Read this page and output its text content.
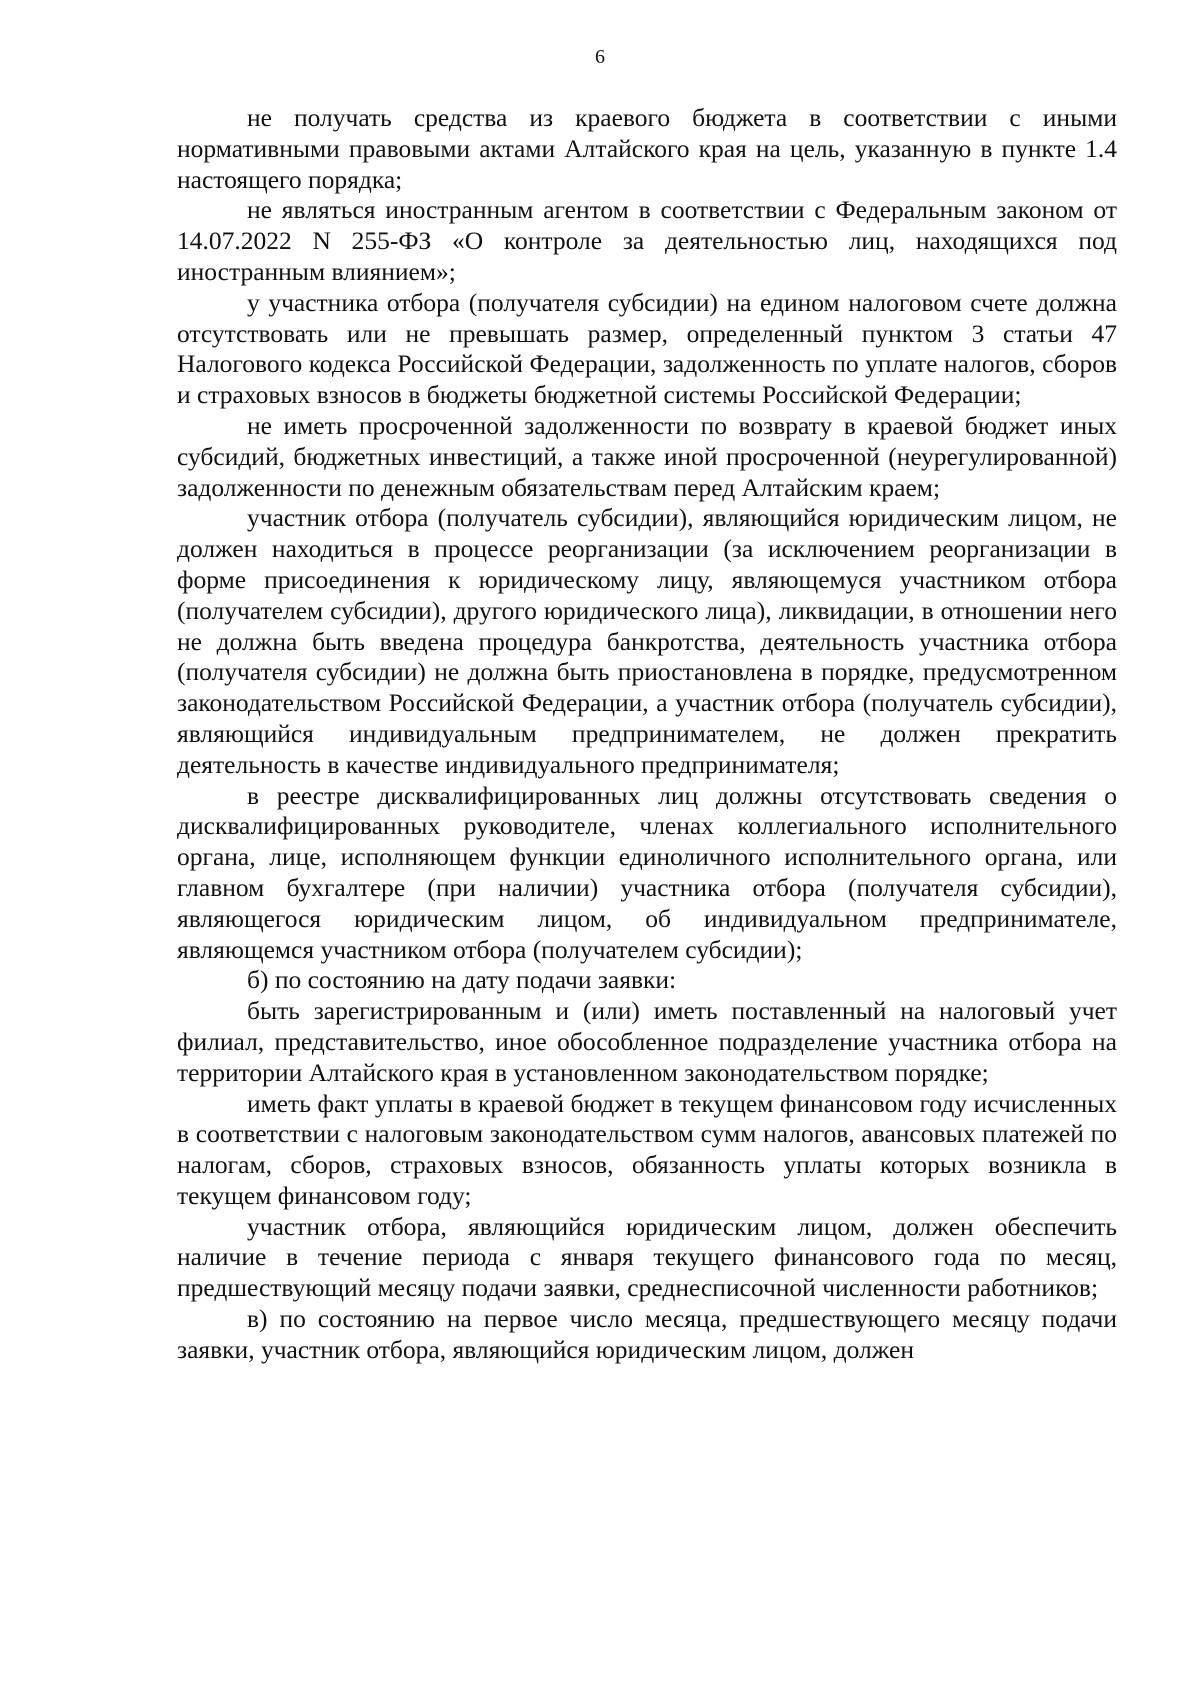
6

не получать средства из краевого бюджета в соответствии с иными нормативными правовыми актами Алтайского края на цель, указанную в пункте 1.4 настоящего порядка;

не являться иностранным агентом в соответствии с Федеральным законом от 14.07.2022 N 255-ФЗ «О контроле за деятельностью лиц, находящихся под иностранным влиянием»;

у участника отбора (получателя субсидии) на едином налоговом счете должна отсутствовать или не превышать размер, определенный пунктом 3 статьи 47 Налогового кодекса Российской Федерации, задолженность по уплате налогов, сборов и страховых взносов в бюджеты бюджетной системы Российской Федерации;

не иметь просроченной задолженности по возврату в краевой бюджет иных субсидий, бюджетных инвестиций, а также иной просроченной (неурегулированной) задолженности по денежным обязательствам перед Алтайским краем;

участник отбора (получатель субсидии), являющийся юридическим лицом, не должен находиться в процессе реорганизации (за исключением реорганизации в форме присоединения к юридическому лицу, являющемуся участником отбора (получателем субсидии), другого юридического лица), ликвидации, в отношении него не должна быть введена процедура банкротства, деятельность участника отбора (получателя субсидии) не должна быть приостановлена в порядке, предусмотренном законодательством Российской Федерации, а участник отбора (получатель субсидии), являющийся индивидуальным предпринимателем, не должен прекратить деятельность в качестве индивидуального предпринимателя;

в реестре дисквалифицированных лиц должны отсутствовать сведения о дисквалифицированных руководителе, членах коллегиального исполнительного органа, лице, исполняющем функции единоличного исполнительного органа, или главном бухгалтере (при наличии) участника отбора (получателя субсидии), являющегося юридическим лицом, об индивидуальном предпринимателе, являющемся участником отбора (получателем субсидии);

б) по состоянию на дату подачи заявки:

быть зарегистрированным и (или) иметь поставленный на налоговый учет филиал, представительство, иное обособленное подразделение участника отбора на территории Алтайского края в установленном законодательством порядке;

иметь факт уплаты в краевой бюджет в текущем финансовом году исчисленных в соответствии с налоговым законодательством сумм налогов, авансовых платежей по налогам, сборов, страховых взносов, обязанность уплаты которых возникла в текущем финансовом году;

участник отбора, являющийся юридическим лицом, должен обеспечить наличие в течение периода с января текущего финансового года по месяц, предшествующий месяцу подачи заявки, среднесписочной численности работников;

в) по состоянию на первое число месяца, предшествующего месяцу подачи заявки, участник отбора, являющийся юридическим лицом, должен
